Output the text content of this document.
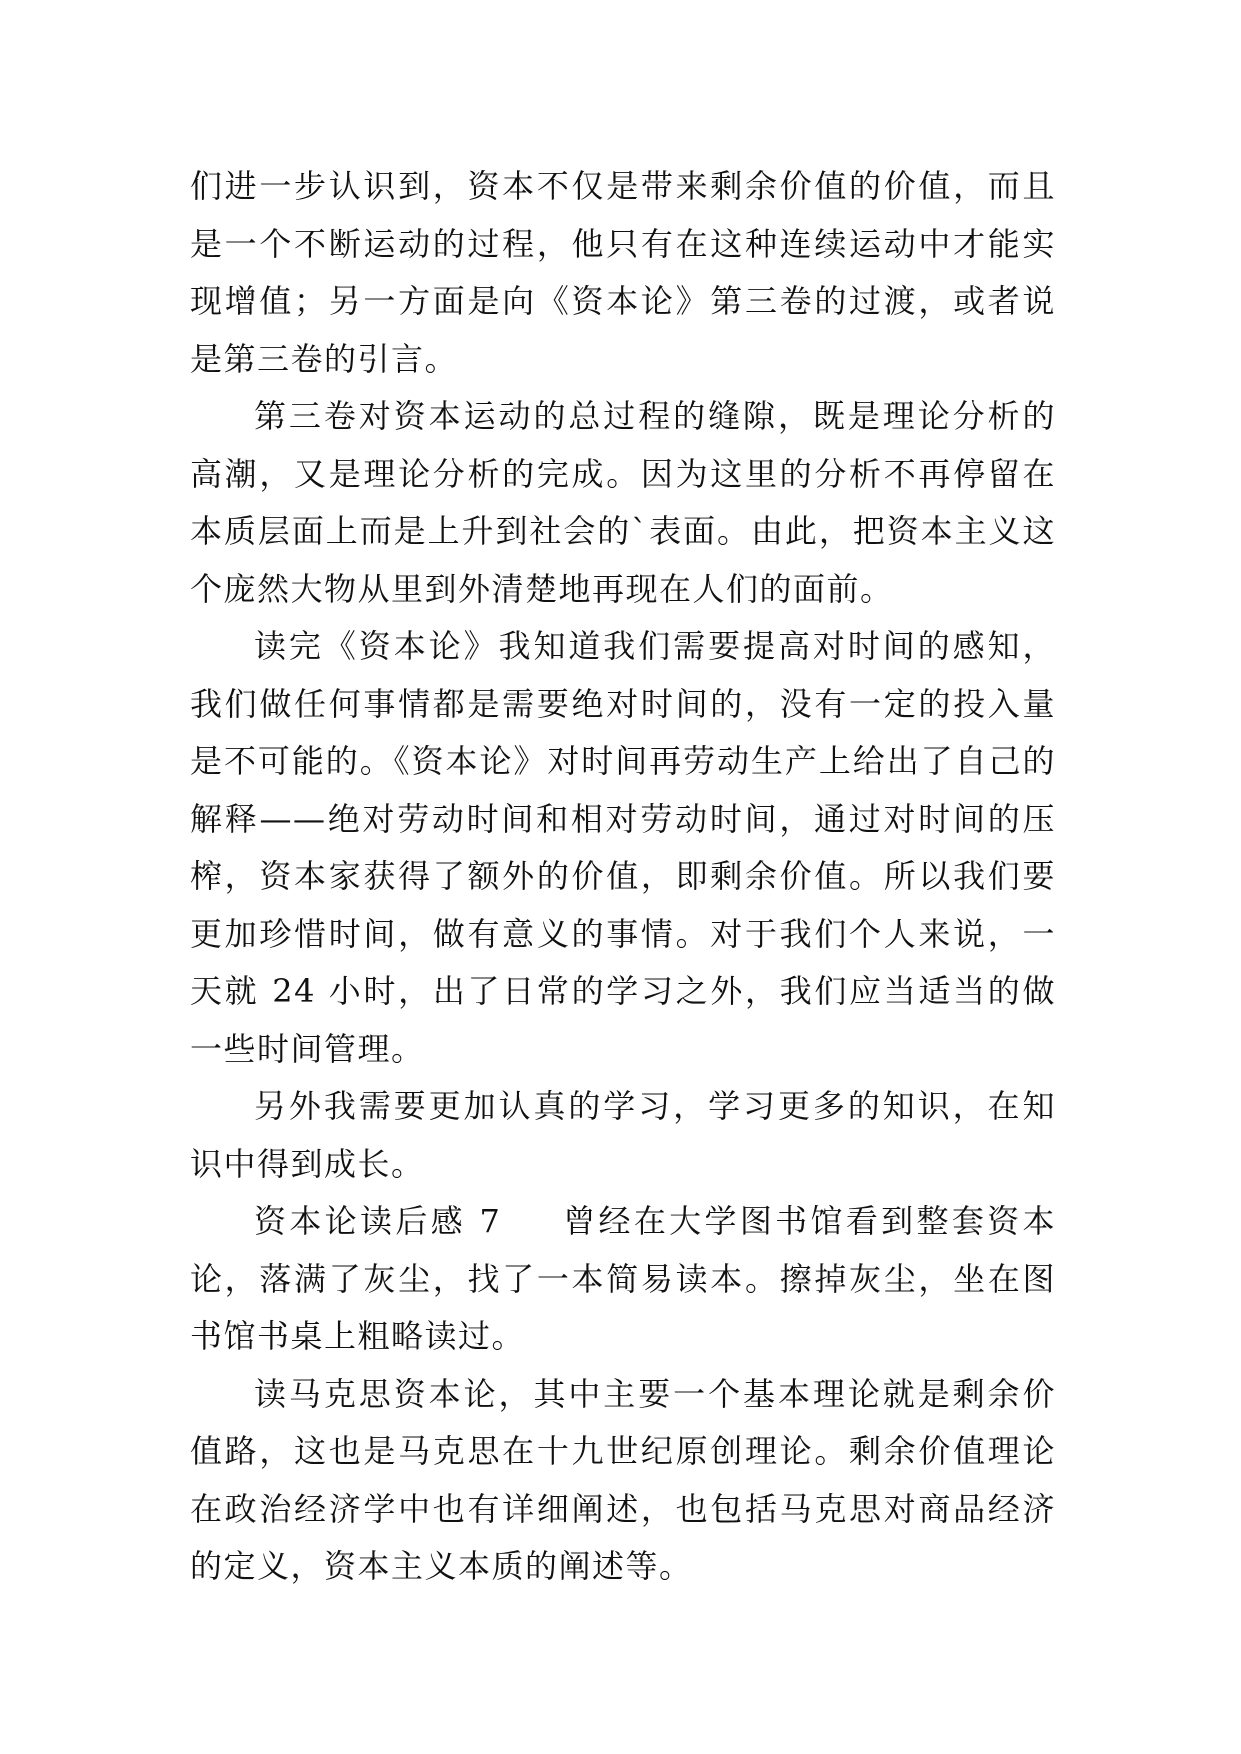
们进一步认识到，资本不仅是带来剩余价值的价值，而且是一个不断运动的过程，他只有在这种连续运动中才能实现增值；另一方面是向《资本论》第三卷的过渡，或者说是第三卷的引言。

第三卷对资本运动的总过程的缝隙，既是理论分析的高潮，又是理论分析的完成。因为这里的分析不再停留在本质层面上而是上升到社会的`表面。由此，把资本主义这个庞然大物从里到外清楚地再现在人们的面前。

读完《资本论》我知道我们需要提高对时间的感知，我们做任何事情都是需要绝对时间的，没有一定的投入量是不可能的。《资本论》对时间再劳动生产上给出了自己的解释——绝对劳动时间和相对劳动时间，通过对时间的压榨，资本家获得了额外的价值，即剩余价值。所以我们要更加珍惜时间，做有意义的事情。对于我们个人来说，一天就 24 小时，出了日常的学习之外，我们应当适当的做一些时间管理。

另外我需要更加认真的学习，学习更多的知识，在知识中得到成长。

资本论读后感 7 曾经在大学图书馆看到整套资本论，落满了灰尘，找了一本简易读本。擦掉灰尘，坐在图书馆书桌上粗略读过。

读马克思资本论，其中主要一个基本理论就是剩余价值路，这也是马克思在十九世纪原创理论。剩余价值理论在政治经济学中也有详细阐述，也包括马克思对商品经济的定义，资本主义本质的阐述等。
